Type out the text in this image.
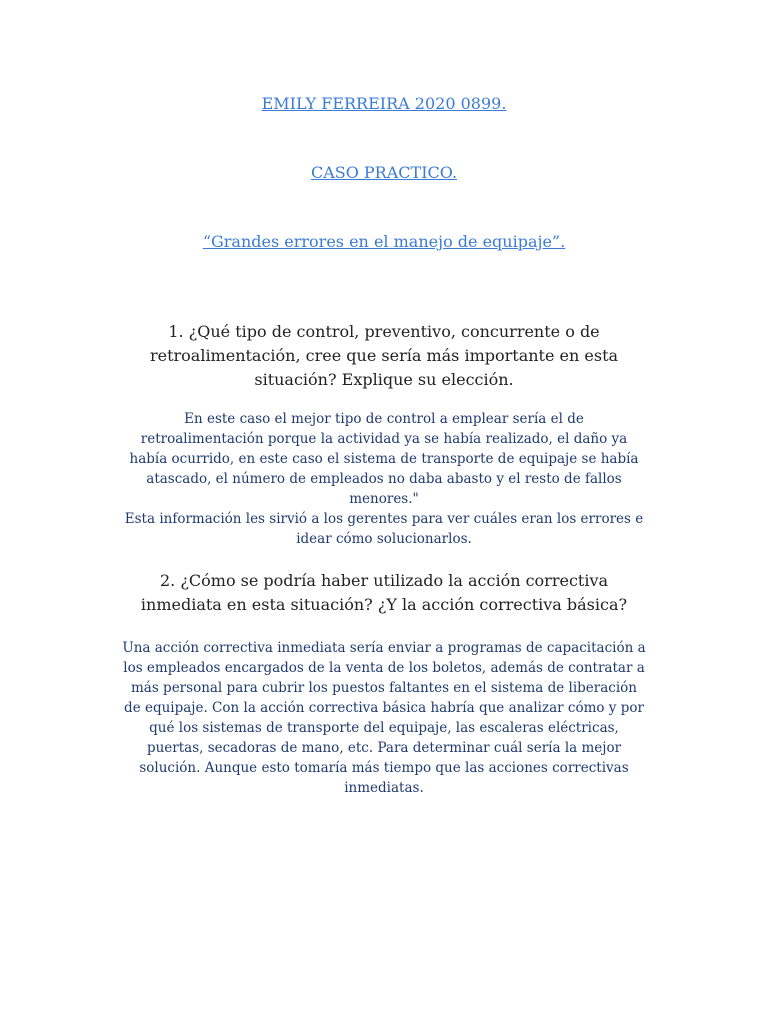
EMILY FERREIRA 2020 0899.
CASO PRACTICO.
“Grandes errores en el manejo de equipaje”.
1. ¿Qué tipo de control, preventivo, concurrente o de retroalimentación, cree que sería más importante en esta situación? Explique su elección.

En este caso el mejor tipo de control a emplear sería el de retroalimentación porque la actividad ya se había realizado, el daño ya había ocurrido, en este caso el sistema de transporte de equipaje se había atascado, el número de empleados no daba abasto y el resto de fallos menores."

Esta información les sirvió a los gerentes para ver cuáles eran los errores e idear cómo solucionarlos.

2. ¿Cómo se podría haber utilizado la acción correctiva inmediata en esta situación? ¿Y la acción correctiva básica?

Una acción correctiva inmediata sería enviar a programas de capacitación a los empleados encargados de la venta de los boletos, además de contratar a más personal para cubrir los puestos faltantes en el sistema de liberación de equipaje. Con la acción correctiva básica habría que analizar cómo y por qué los sistemas de transporte del equipaje, las escaleras eléctricas, puertas, secadoras de mano, etc. Para determinar cuál sería la mejor solución. Aunque esto tomaría más tiempo que las acciones correctivas inmediatas.
